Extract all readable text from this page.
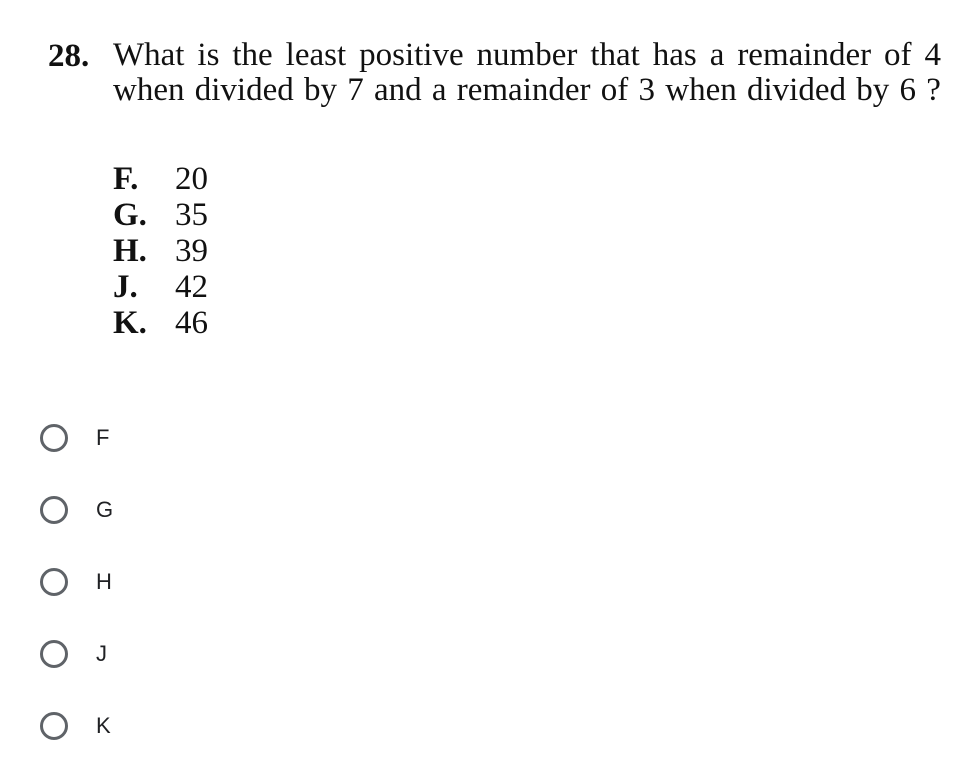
28. What is the least positive number that has a remainder of 4 when divided by 7 and a remainder of 3 when divided by 6 ?
F.	20
G. 35
H. 39
J.	42
K. 46
F
G
H
J
K
